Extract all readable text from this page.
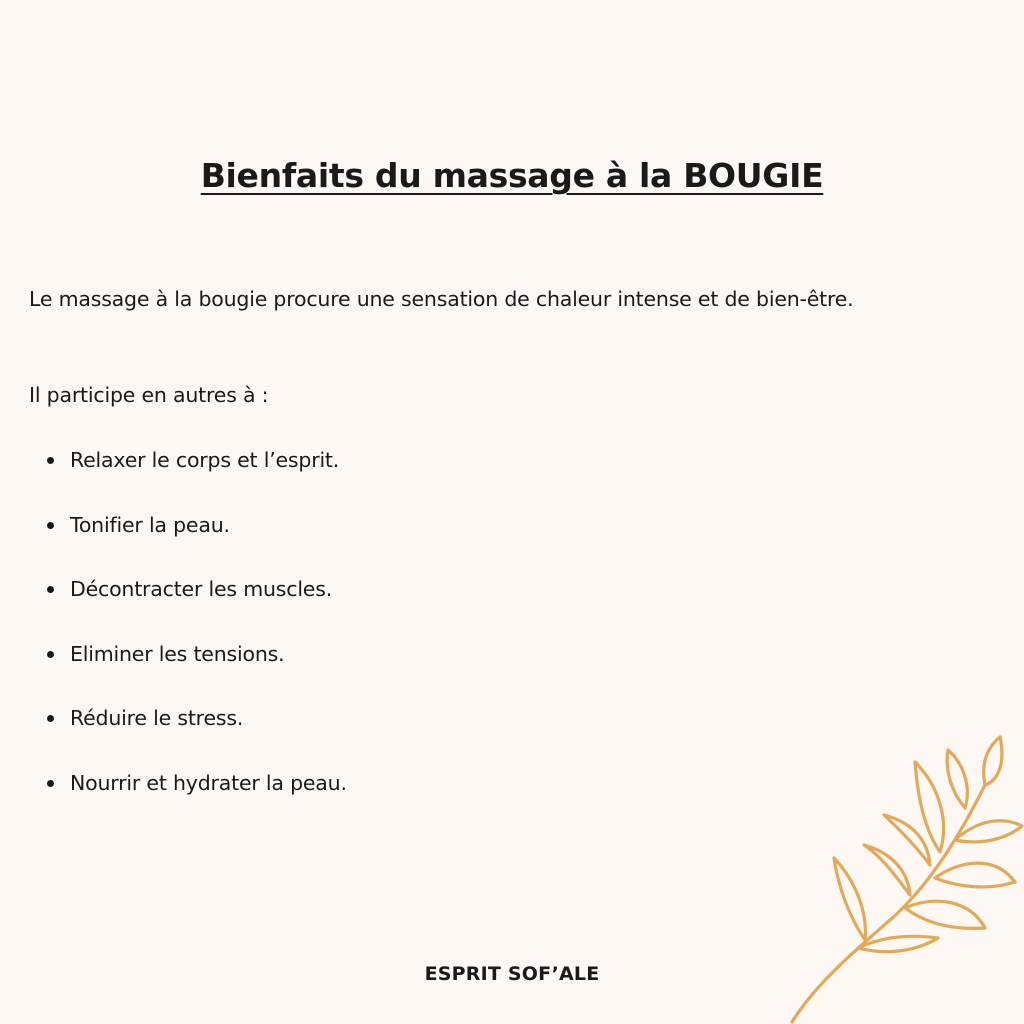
Bienfaits du massage à la BOUGIE

Le massage à la bougie procure une sensation de chaleur intense et de bien-être.

Il participe en autres à :

Relaxer le corps et l’esprit.
Tonifier la peau.
Décontracter les muscles.
Eliminer les tensions.
Réduire le stress.
Nourrir et hydrater la peau.

ESPRIT SOF’ALE
